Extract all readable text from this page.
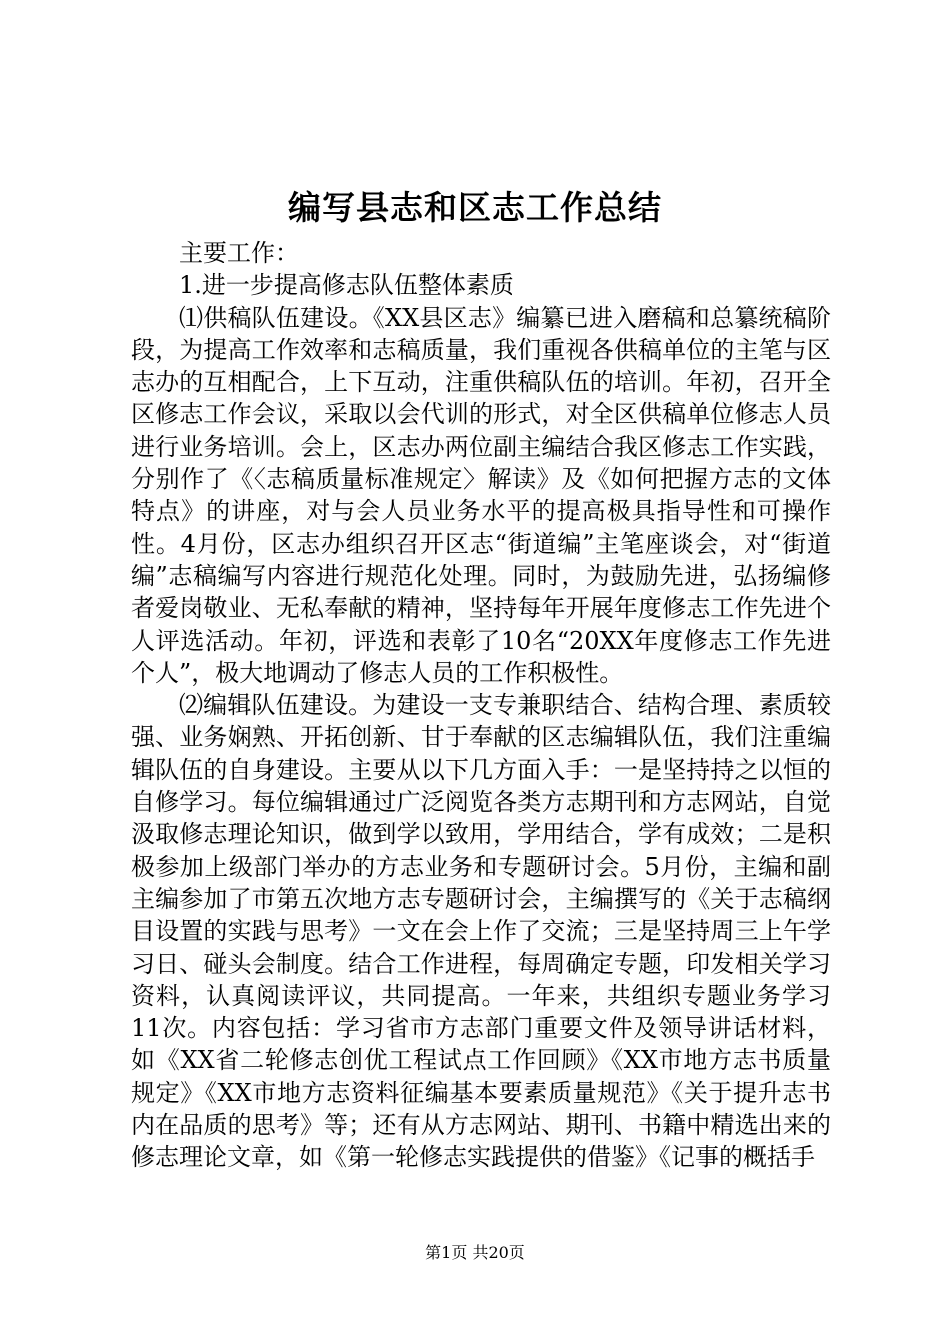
编写县志和区志工作总结

主要工作：

1.进一步提高修志队伍整体素质

⑴供稿队伍建设。《XX县区志》编纂已进入磨稿和总纂统稿阶段，为提高工作效率和志稿质量，我们重视各供稿单位的主笔与区志办的互相配合，上下互动，注重供稿队伍的培训。年初，召开全区修志工作会议，采取以会代训的形式，对全区供稿单位修志人员进行业务培训。会上，区志办两位副主编结合我区修志工作实践，分别作了《〈志稿质量标准规定〉解读》及《如何把握方志的文体特点》的讲座，对与会人员业务水平的提高极具指导性和可操作性。4月份，区志办组织召开区志“街道编”主笔座谈会，对“街道编”志稿编写内容进行规范化处理。同时，为鼓励先进，弘扬编修者爱岗敬业、无私奉献的精神，坚持每年开展年度修志工作先进个人评选活动。年初，评选和表彰了10名“20XX年度修志工作先进个人”，极大地调动了修志人员的工作积极性。

⑵编辑队伍建设。为建设一支专兼职结合、结构合理、素质较强、业务娴熟、开拓创新、甘于奉献的区志编辑队伍，我们注重编辑队伍的自身建设。主要从以下几方面入手：一是坚持持之以恒的自修学习。每位编辑通过广泛阅览各类方志期刊和方志网站，自觉汲取修志理论知识，做到学以致用，学用结合，学有成效；二是积极参加上级部门举办的方志业务和专题研讨会。5月份，主编和副主编参加了市第五次地方志专题研讨会，主编撰写的《关于志稿纲目设置的实践与思考》一文在会上作了交流；三是坚持周三上午学习日、碰头会制度。结合工作进程，每周确定专题，印发相关学习资料，认真阅读评议，共同提高。一年来，共组织专题业务学习11次。内容包括：学习省市方志部门重要文件及领导讲话材料，如《XX省二轮修志创优工程试点工作回顾》《XX市地方志书质量规定》《XX市地方志资料征编基本要素质量规范》《关于提升志书内在品质的思考》等；还有从方志网站、期刊、书籍中精选出来的修志理论文章，如《第一轮修志实践提供的借鉴》《记事的概括手

第1页 共20页
